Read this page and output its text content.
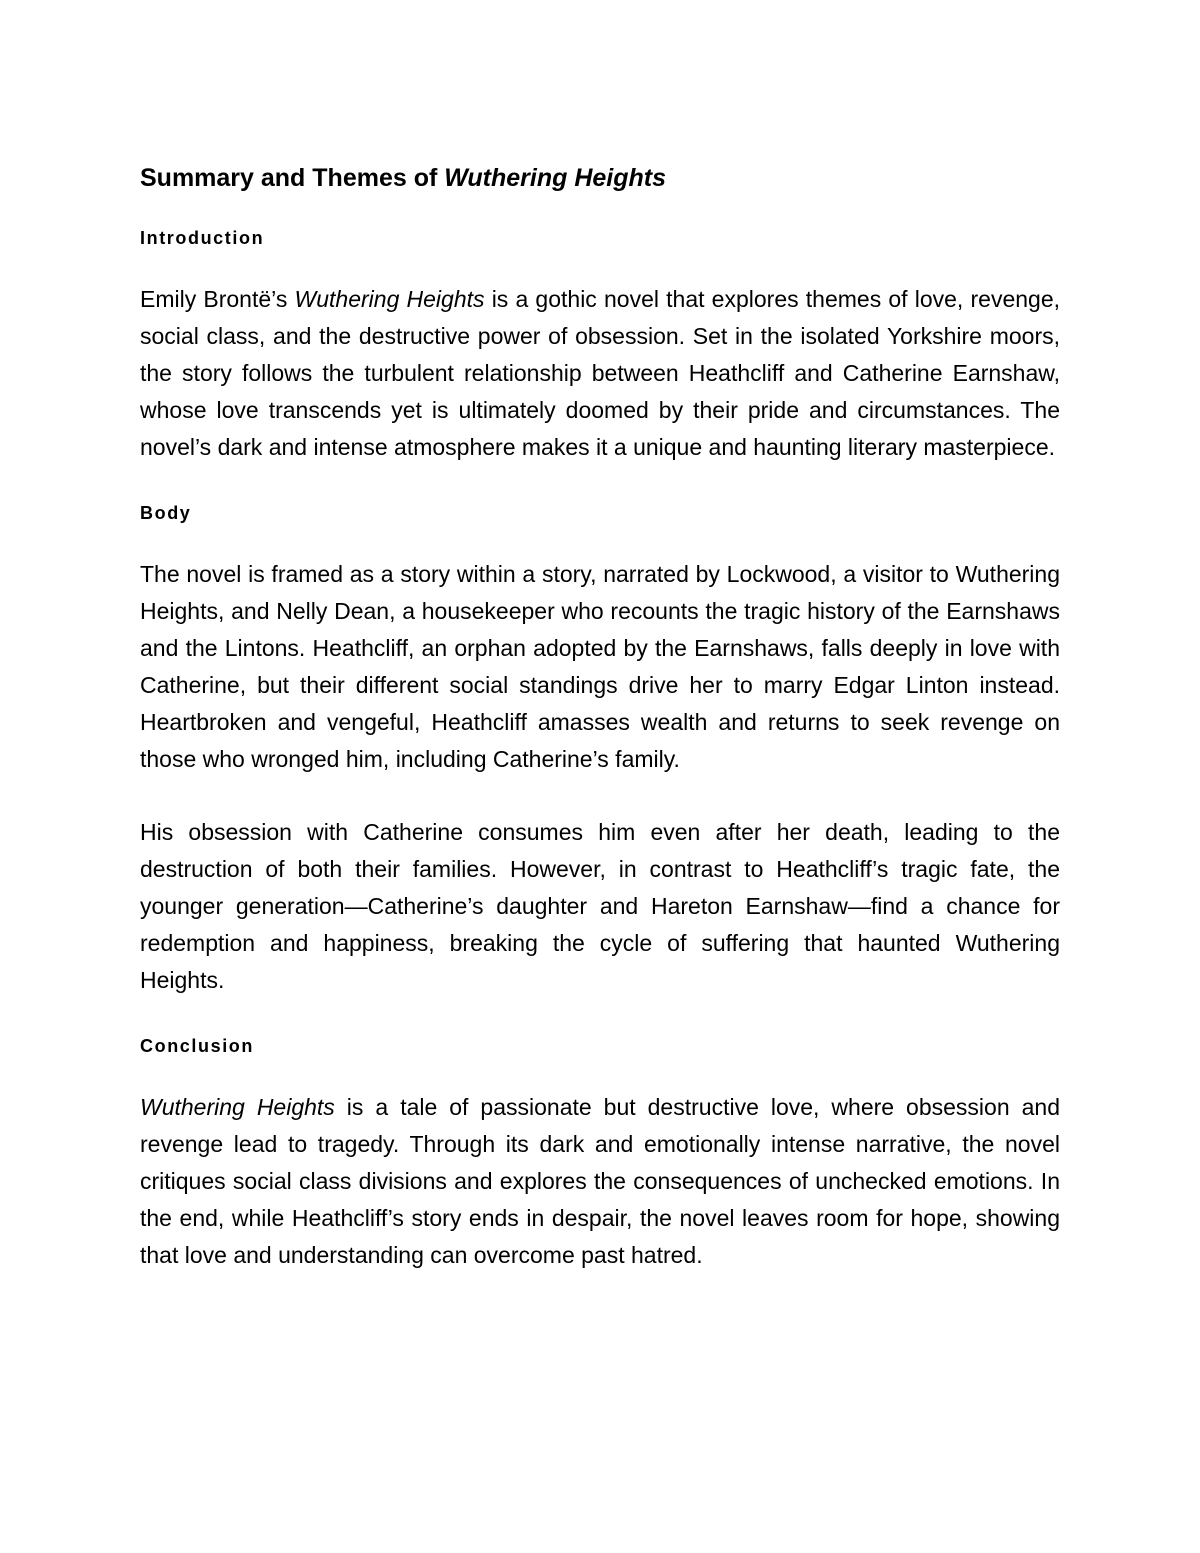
Summary and Themes of Wuthering Heights
Introduction

Emily Brontë’s Wuthering Heights is a gothic novel that explores themes of love, revenge, social class, and the destructive power of obsession. Set in the isolated Yorkshire moors, the story follows the turbulent relationship between Heathcliff and Catherine Earnshaw, whose love transcends yet is ultimately doomed by their pride and circumstances. The novel’s dark and intense atmosphere makes it a unique and haunting literary masterpiece.

Body

The novel is framed as a story within a story, narrated by Lockwood, a visitor to Wuthering Heights, and Nelly Dean, a housekeeper who recounts the tragic history of the Earnshaws and the Lintons. Heathcliff, an orphan adopted by the Earnshaws, falls deeply in love with Catherine, but their different social standings drive her to marry Edgar Linton instead. Heartbroken and vengeful, Heathcliff amasses wealth and returns to seek revenge on those who wronged him, including Catherine’s family.

His obsession with Catherine consumes him even after her death, leading to the destruction of both their families. However, in contrast to Heathcliff’s tragic fate, the younger generation—Catherine’s daughter and Hareton Earnshaw—find a chance for redemption and happiness, breaking the cycle of suffering that haunted Wuthering Heights.

Conclusion

Wuthering Heights is a tale of passionate but destructive love, where obsession and revenge lead to tragedy. Through its dark and emotionally intense narrative, the novel critiques social class divisions and explores the consequences of unchecked emotions. In the end, while Heathcliff’s story ends in despair, the novel leaves room for hope, showing that love and understanding can overcome past hatred.
